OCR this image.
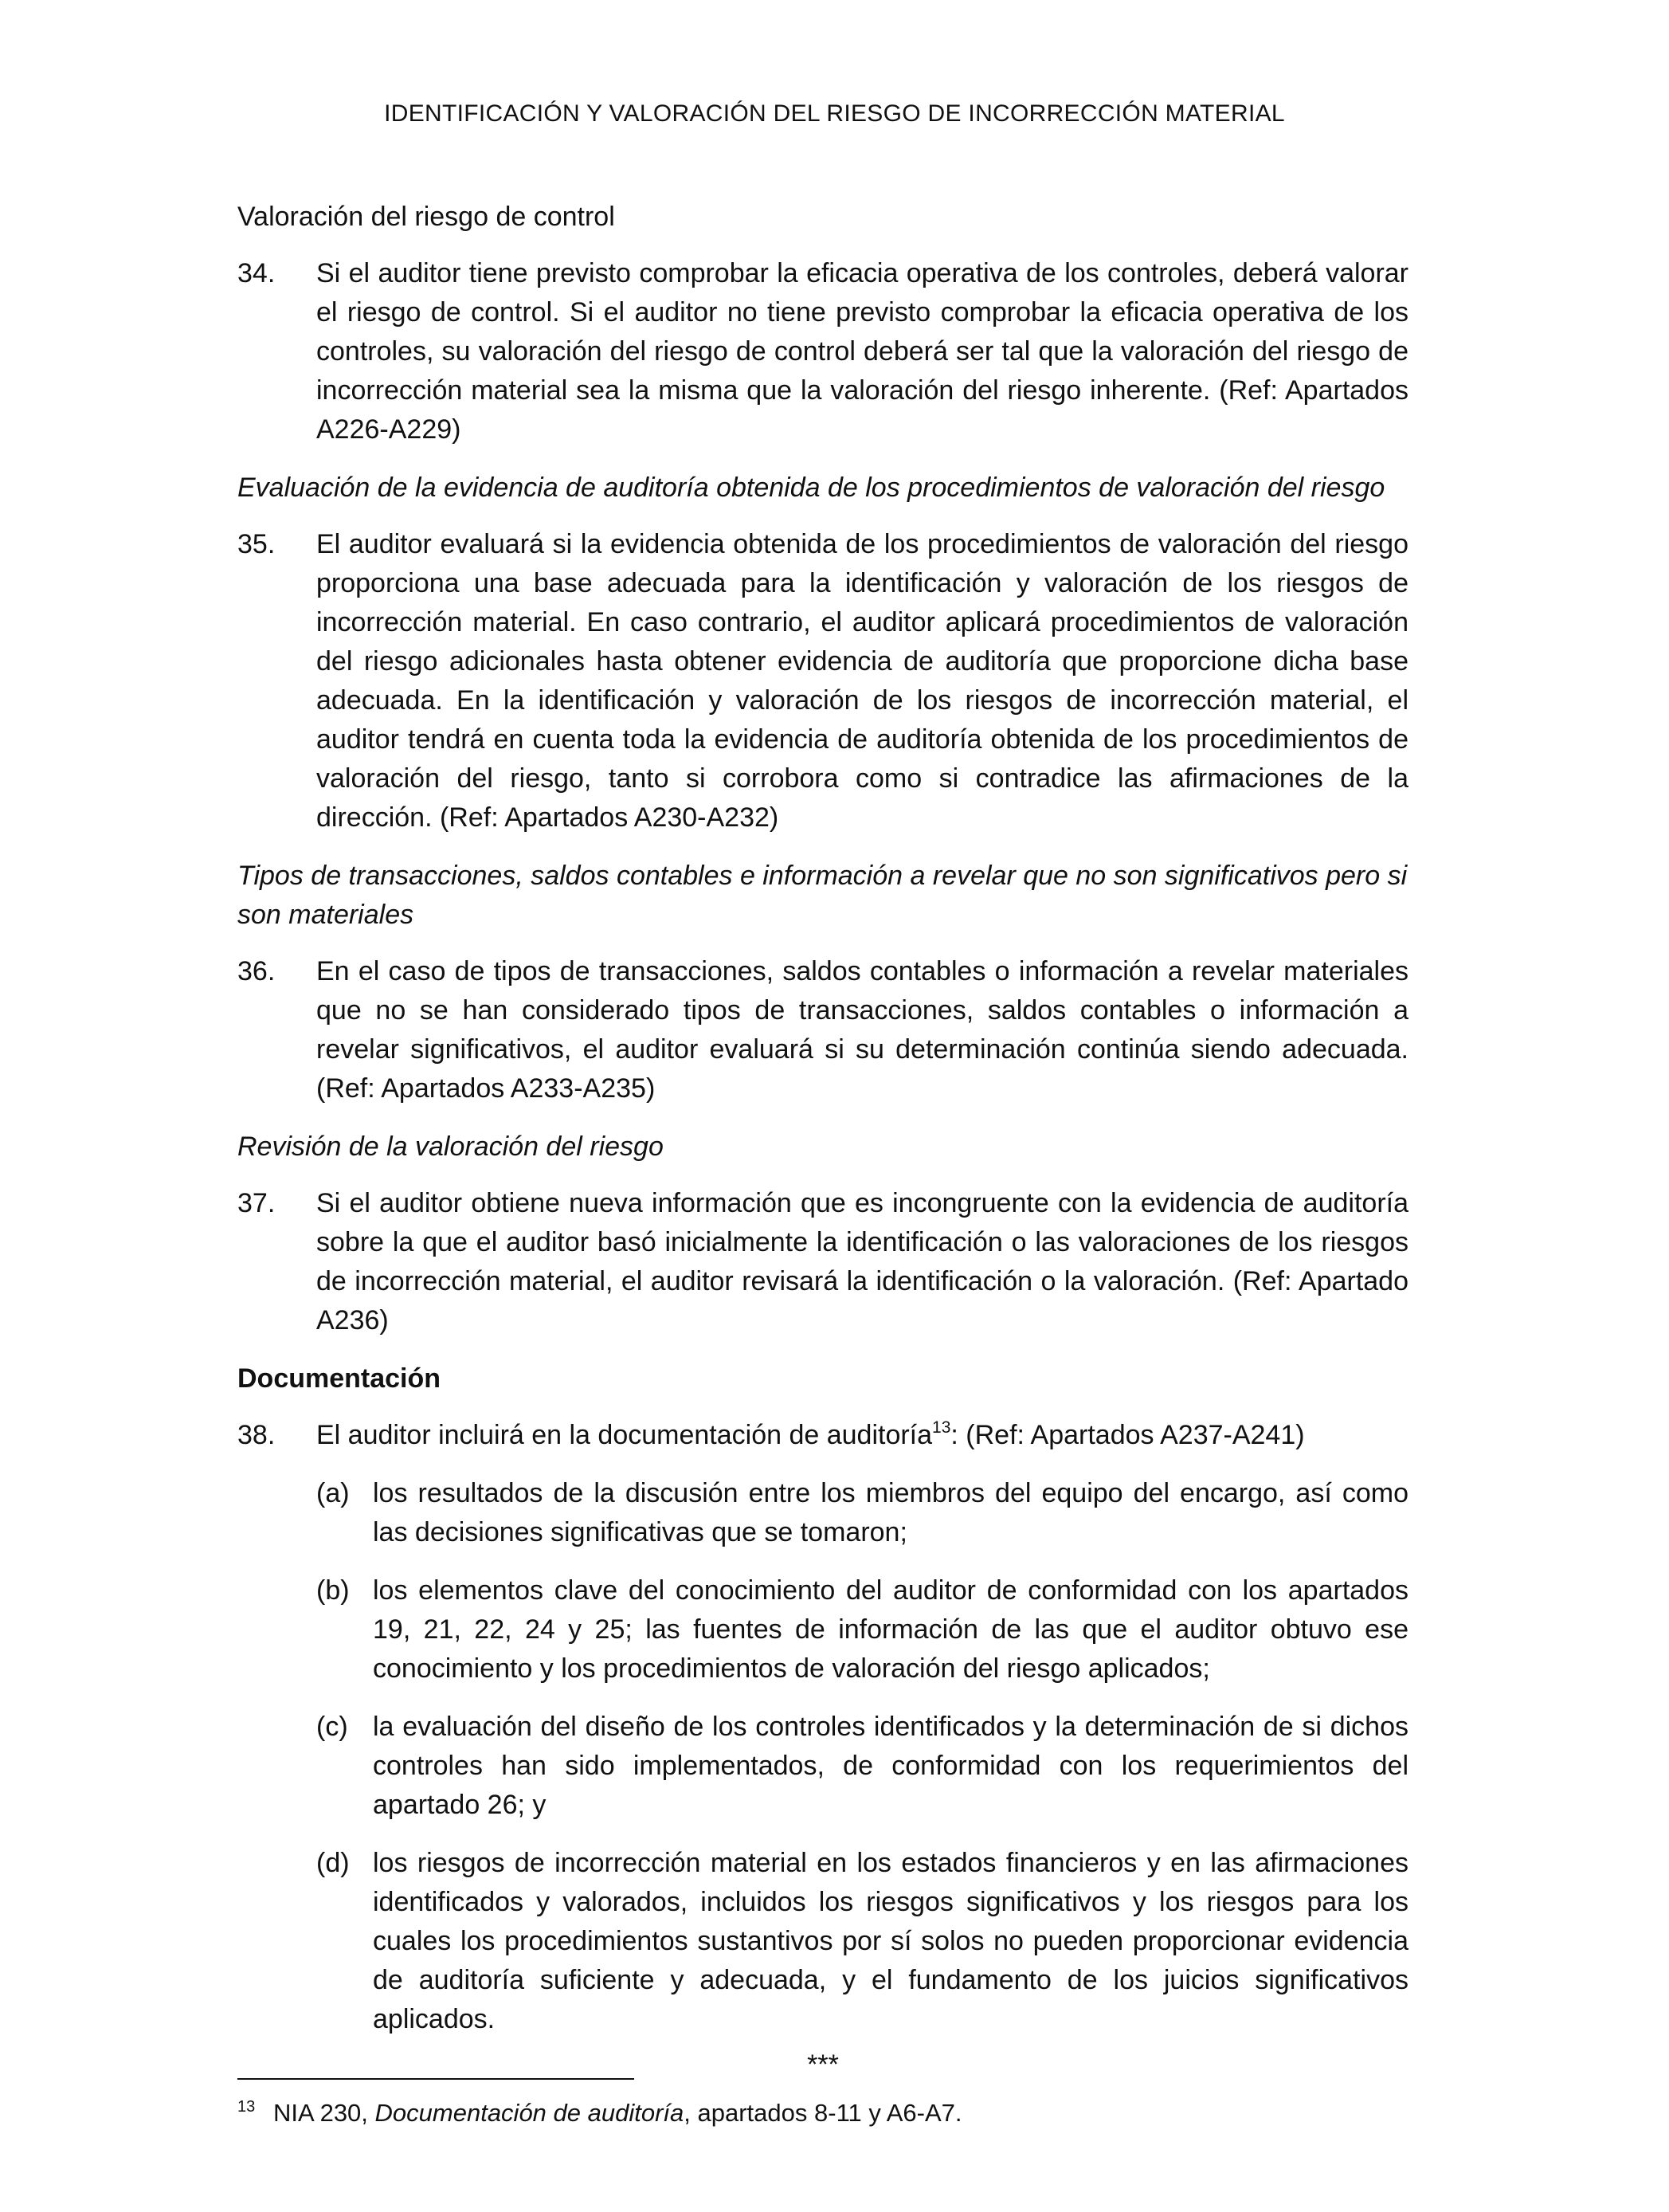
IDENTIFICACIÓN Y VALORACIÓN DEL RIESGO DE INCORRECCIÓN MATERIAL

Valoración del riesgo de control

34.	Si el auditor tiene previsto comprobar la eficacia operativa de los controles, deberá valorar el riesgo de control. Si el auditor no tiene previsto comprobar la eficacia operativa de los controles, su valoración del riesgo de control deberá ser tal que la valoración del riesgo de incorrección material sea la misma que la valoración del riesgo inherente. (Ref: Apartados A226-A229)

Evaluación de la evidencia de auditoría obtenida de los procedimientos de valoración del riesgo

35.	El auditor evaluará si la evidencia obtenida de los procedimientos de valoración del riesgo proporciona una base adecuada para la identificación y valoración de los riesgos de incorrección material. En caso contrario, el auditor aplicará procedimientos de valoración del riesgo adicionales hasta obtener evidencia de auditoría que proporcione dicha base adecuada. En la identificación y valoración de los riesgos de incorrección material, el auditor tendrá en cuenta toda la evidencia de auditoría obtenida de los procedimientos de valoración del riesgo, tanto si corrobora como si contradice las afirmaciones de la dirección. (Ref: Apartados A230-A232)

Tipos de transacciones, saldos contables e información a revelar que no son significativos pero si son materiales

36.	En el caso de tipos de transacciones, saldos contables o información a revelar materiales que no se han considerado tipos de transacciones, saldos contables o información a revelar significativos, el auditor evaluará si su determinación continúa siendo adecuada. (Ref: Apartados A233-A235)

Revisión de la valoración del riesgo

37.	Si el auditor obtiene nueva información que es incongruente con la evidencia de auditoría sobre la que el auditor basó inicialmente la identificación o las valoraciones de los riesgos de incorrección material, el auditor revisará la identificación o la valoración. (Ref: Apartado A236)

Documentación

38.	El auditor incluirá en la documentación de auditoría$^{13}$: (Ref: Apartados A237-A241)
(a) los resultados de la discusión entre los miembros del equipo del encargo, así como las decisiones significativas que se tomaron;
(b) los elementos clave del conocimiento del auditor de conformidad con los apartados 19, 21, 22, 24 y 25; las fuentes de información de las que el auditor obtuvo ese conocimiento y los procedimientos de valoración del riesgo aplicados;
(c) la evaluación del diseño de los controles identificados y la determinación de si dichos controles han sido implementados, de conformidad con los requerimientos del apartado 26; y
(d) los riesgos de incorrección material en los estados financieros y en las afirmaciones identificados y valorados, incluidos los riesgos significativos y los riesgos para los cuales los procedimientos sustantivos por sí solos no pueden proporcionar evidencia de auditoría suficiente y adecuada, y el fundamento de los juicios significativos aplicados.
***
13 NIA 230, Documentación de auditoría, apartados 8-11 y A6-A7.
